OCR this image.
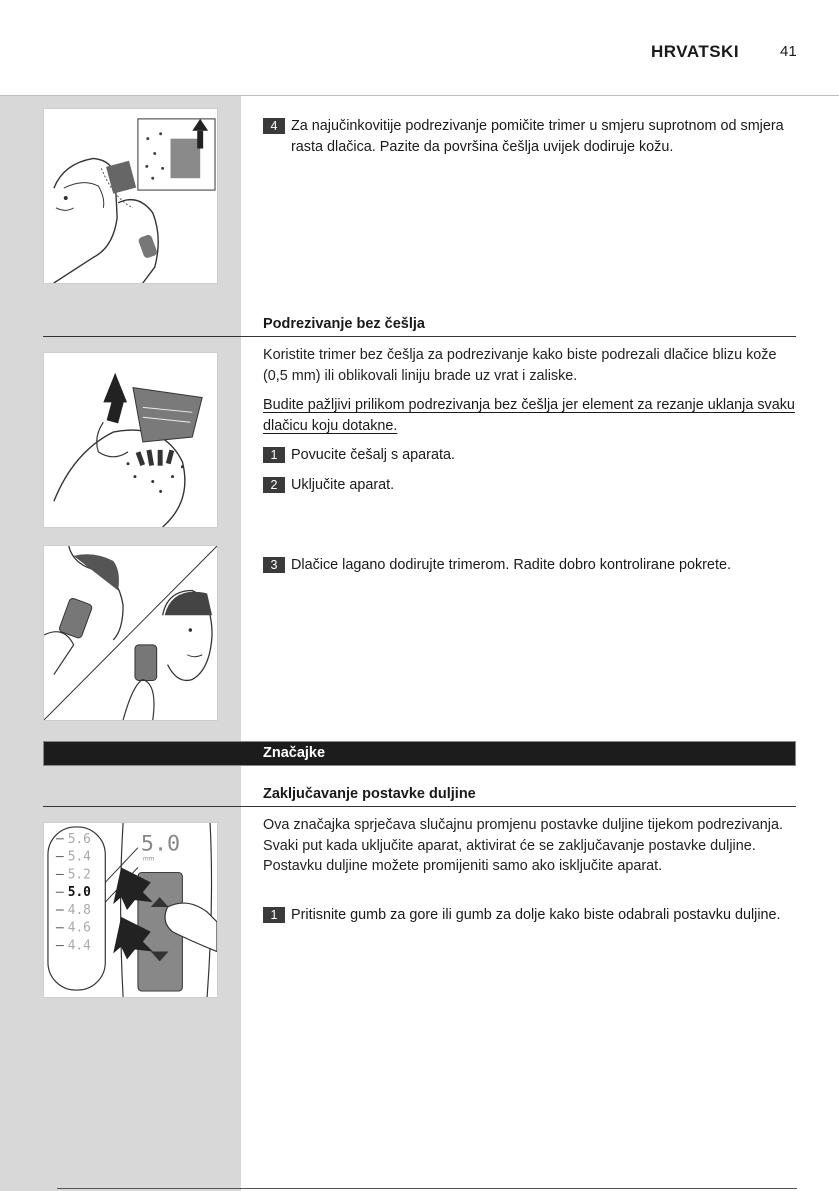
HRVATSKI	41
4 Za najučinkovitije podrezivanje pomičite trimer u smjeru suprotnom od smjera rasta dlačica. Pazite da površina češlja uvijek dodiruje kožu.
Podrezivanje bez češlja
Koristite trimer bez češlja za podrezivanje kako biste podrezali dlačice blizu kože (0,5 mm) ili oblikovali liniju brade uz vrat i zaliske.
Budite pažljivi prilikom podrezivanja bez češlja jer element za rezanje uklanja svaku dlačicu koju dotakne.
1 Povucite češalj s aparata.
2 Uključite aparat.
3 Dlačice lagano dodirujte trimerom. Radite dobro kontrolirane pokrete.
Značajke
Zaključavanje postavke duljine
5.6
5.4
5.2
5.0
4.8
4.6
4.4
5.0
mm
Ova značajka sprječava slučajnu promjenu postavke duljine tijekom podrezivanja. Svaki put kada uključite aparat, aktivirat će se zaključavanje postavke duljine. Postavku duljine možete promijeniti samo ako isključite aparat.
1 Pritisnite gumb za gore ili gumb za dolje kako biste odabrali postavku duljine.
